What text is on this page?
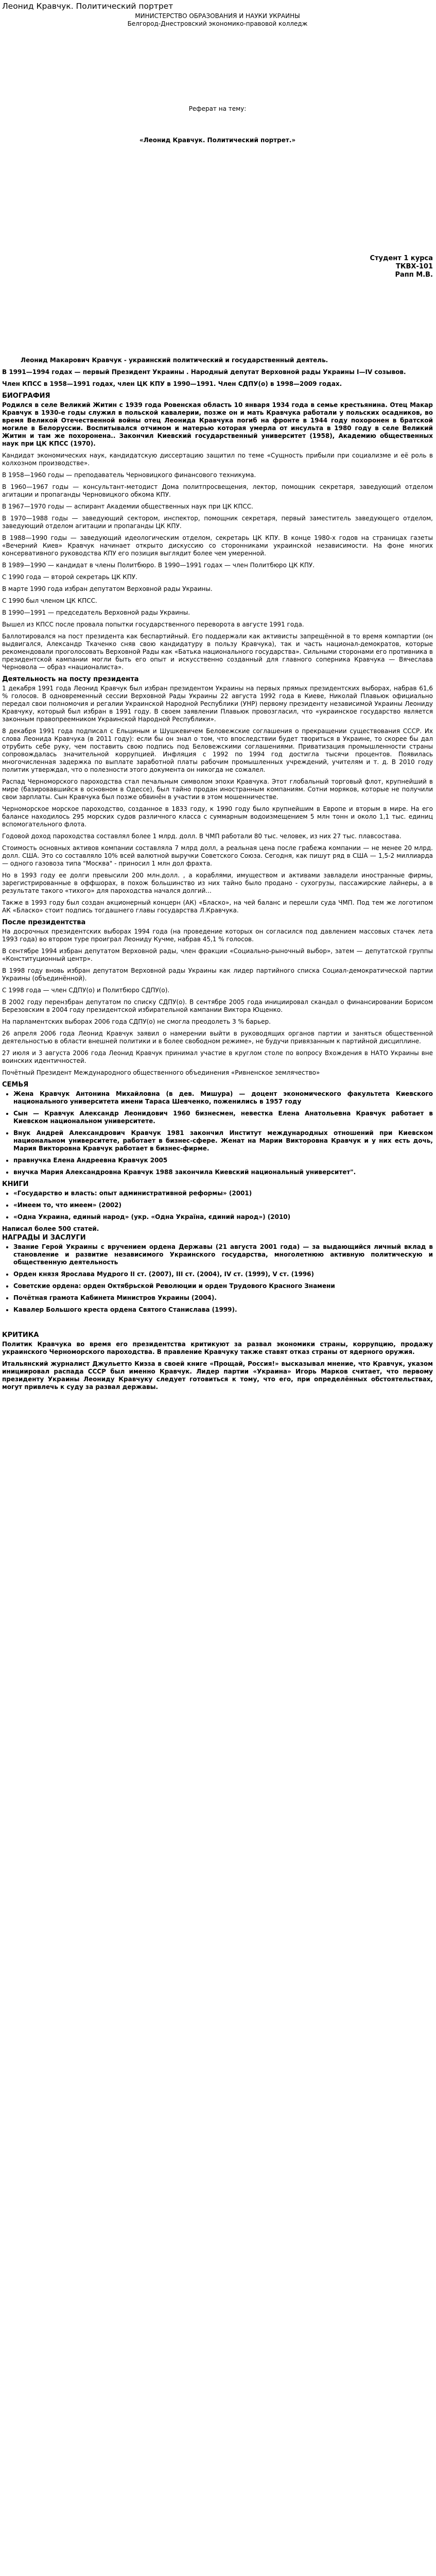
Леонид Кравчук. Политический портрет
МИНИСТЕРСТВО ОБРАЗОВАНИЯ И НАУКИ УКРАИНЫ
Белгород-Днестровский экономико-правовой колледж
Реферат на тему:
«Леонид Кравчук. Политический портрет.»
Студент 1 курса
ТКВХ-101
Рапп М.В.
Леонид Макарович Кравчук - украинский политический и государственный деятель.
В 1991—1994 годах — первый Президент Украины . Народный депутат Верховной рады Украины I—IV созывов.
Член КПСС в 1958—1991 годах, член ЦК КПУ в 1990—1991. Член СДПУ(о) в 1998—2009 годах.
БИОГРАФИЯ
Родился в селе Великий Житин с 1939 года Ровенская область 10 января 1934 года в семье крестьянина. Отец Макар Кравчук в 1930-е годы служил в польской кавалерии, позже он и мать Кравчука работали у польских осадников, во время Великой Отечественной войны отец Леонида Кравчука погиб на фронте в 1944 году похоронен в братской могиле в Белоруссии. Воспитывался отчимом и матерью которая умерла от инсульта в 1980 году в селе Великий Житин и там же похоронена.. Закончил Киевский государственный университет (1958), Академию общественных наук при ЦК КПСС (1970).
Кандидат экономических наук, кандидатскую диссертацию защитил по теме «Сущность прибыли при социализме и её роль в колхозном производстве».
В 1958—1960 годы — преподаватель Черновицкого финансового техникума.
В 1960—1967 годы — консультант-методист Дома политпросвещения, лектор, помощник секретаря, заведующий отделом агитации и пропаганды Черновицкого обкома КПУ.
В 1967—1970 годы — аспирант Академии общественных наук при ЦК КПСС.
В 1970—1988 годы — заведующий сектором, инспектор, помощник секретаря, первый заместитель заведующего отделом, заведующий отделом агитации и пропаганды ЦК КПУ.
В 1988—1990 годы — заведующий идеологическим отделом, секретарь ЦК КПУ. В конце 1980-х годов на страницах газеты «Вечерний Киев» Кравчук начинает открыто дискуссию со сторонниками украинской независимости. На фоне многих консервативного руководства КПУ его позиция выглядит более чем умеренной.
В 1989—1990 — кандидат в члены Политбюро. В 1990—1991 годах — член Политбюро ЦК КПУ.
С 1990 года — второй секретарь ЦК КПУ.
В марте 1990 года избран депутатом Верховной рады Украины.
С 1990 был членом ЦК КПСС.
В 1990—1991 — председатель Верховной рады Украины.
Вышел из КПСС после провала попытки государственного переворота в августе 1991 года.
Баллотировался на пост президента как беспартийный. Его поддержали как активисты запрещённой в то время компартии (он выдвигался, Александр Ткаченко сняв свою кандидатуру в пользу Кравчука), так и часть национал-демократов, которые рекомендовали проголосовать Верховной Рады как «Батька национального государства». Сильными сторонами его противника в президентской кампании могли быть его опыт и искусственно созданный для главного соперника Кравчука — Вячеслава Черновола — образ «националиста».
Деятельность на посту президента
1 декабря 1991 года Леонид Кравчук был избран президентом Украины на первых прямых президентских выборах, набрав 61,6 % голосов. В одновременный сессии Верховной Рады Украины 22 августа 1992 года в Киеве, Николай Плавьюк официально передал свои полномочия и регалии Украинской Народной Республики (УНР) первому президенту независимой Украины Леониду Кравчуку, который был избран в 1991 году. В своем заявлении Плавьюк провозгласил, что «украинское государство является законным правопреемником Украинской Народной Республики».
8 декабря 1991 года подписал с Ельциным и Шушкевичем Беловежские соглашения о прекращении существования СССР. Их слова Леонида Кравчука (в 2011 году): если бы он знал о том, что впоследствии будет твориться в Украине, то скорее бы дал отрубить себе руку, чем поставить свою подпись под Беловежскими соглашениями. Приватизация промышленности страны сопровождалась значительной коррупцией. Инфляция с 1992 по 1994 год достигла тысячи процентов. Появилась многочисленная задержка по выплате заработной платы рабочим промышленных учреждений, учителям и т. д. В 2010 году политик утверждал, что о полезности этого документа он никогда не сожалел.
Распад Черноморского пароходства стал печальным символом эпохи Кравчука. Этот глобальный торговый флот, крупнейший в мире (базировавшийся в основном в Одессе), был тайно продан иностранным компаниям. Сотни моряков, которые не получили свои зарплаты. Сын Кравчука был позже обвинён в участии в этом мошенничестве.
Черноморское морское пароходство, созданное в 1833 году, к 1990 году было крупнейшим в Европе и вторым в мире. На его балансе находилось 295 морских судов различного класса с суммарным водоизмещением 5 млн тонн и около 1,1 тыс. единиц вспомогательного флота.
Годовой доход пароходства составлял более 1 млрд. долл. В ЧМП работали 80 тыс. человек, из них 27 тыс. плавсостава.
Стоимость основных активов компании составляла 7 млрд долл, а реальная цена после грабежа компании — не менее 20 млрд. долл. США. Это со составляло 10% всей валютной выручки Советского Союза. Сегодня, как пишут ряд в США — 1,5-2 миллиарда — одного газовоза типа "Москва" - приносил 1 млн дол фрахта.
Но в 1993 году ее долги превысили 200 млн.долл. , а кораблями, имуществом и активами завладели иностранные фирмы, зарегистрированные в оффшорах, в похож большинство из них тайно было продано - сухогрузы, пассажирские лайнеры, а в результате такого «тихого» для пароходства начался долгий...
Также в 1993 году был создан акционерный концерн (АК) «Бласко», на чей баланс и перешли суда ЧМП. Под тем же логотипом АК «Бласко» стоит подпись тогдашнего главы государства Л.Кравчука.
После президентства
На досрочных президентских выборах 1994 года (на проведение которых он согласился под давлением массовых стачек лета 1993 года) во втором туре проиграл Леониду Кучме, набрав 45,1 % голосов.
В сентябре 1994 избран депутатом Верховной рады, член фракции «Социально-рыночный выбор», затем — депутатской группы «Конституционный центр».
В 1998 году вновь избран депутатом Верховной рады Украины как лидер партийного списка Социал-демократической партии Украины (объединённой).
С 1998 года — член СДПУ(о) и Политбюро СДПУ(о).
В 2002 году перензбран депутатом по списку СДПУ(о). В сентябре 2005 года инициировал скандал о финансировании Борисом Березовским в 2004 году президентской избирательной кампании Виктора Ющенко.
На парламентских выборах 2006 года СДПУ(о) не смогла преодолеть 3 % барьер.
26 апреля 2006 года Леонид Кравчук заявил о намерении выйти в руководящих органов партии и заняться общественной деятельностью в области внешней политики и в более свободном режиме», не будучи привязанным к партийной дисциплине.
27 июля и 3 августа 2006 года Леонид Кравчук принимал участие в круглом столе по вопросу Вхождения в НАТО Украины вне воинских идентичностей.
Почётный Президент Международного общественного объединения «Ривненское землячество»
СЕМЬЯ
• Жена Кравчук Антонина Михайловна (в дев. Мишура) — доцент экономического факультета Киевского национального университета имени Тараса Шевченко, поженились в 1957 году
• Сын — Кравчук Александр Леонидович 1960 бизнесмен, невестка Елена Анатольевна Кравчук работает в Киевском национальном университете.
• Внук Андрей Александрович Кравчук 1981 закончил Институт международных отношений при Киевском национальном университете, работает в бизнес-сфере. Женат на Марии Викторовна Кравчук и у них есть дочь, Мария Викторовна Кравчук работает в бизнес-фирме.
• правнучка Елена Андреевна Кравчук 2005
• внучка Мария Александровна Кравчук 1988 закончила Киевский национальный университет".
КНИГИ
• «Государство и власть: опыт административной реформы» (2001)
• «Имеем то, что имеем» (2002)
• «Одна Украина, единый народ» (укр. «Одна Україна, єдиний народ») (2010)
Написал более 500 статей.
НАГРАДЫ И ЗАСЛУГИ
• Звание Герой Украины с вручением ордена Державы (21 августа 2001 года) — за выдающийся личный вклад в становление и развитие независимого Украинского государства, многолетнюю активную политическую и общественную деятельность
• Орден князя Ярослава Мудрого II ст. (2007), III ст. (2004), IV ст. (1999), V ст. (1996)
• Советские ордена: орден Октябрьской Революции и орден Трудового Красного Знамени
• Почётная грамота Кабинета Министров Украины (2004).
• Кавалер Большого креста ордена Святого Станислава (1999).
КРИТИКА
Политик Кравчука во время его президентства критикуют за развал экономики страны, коррупцию, продажу украинского Черноморского пароходства. В правление Кравчуку также ставят отказ страны от ядерного оружия.
Итальянский журналист Джульетто Киэза в своей книге «Прощай, Россия!» высказывал мнение, что Кравчук, указом инициировал распада СССР был именно Кравчук. Лидер партии «Украина» Игорь Марков считает, что первому президенту Украины Леониду Кравчуку следует готовиться к тому, что его, при определённых обстоятельствах, могут привлечь к суду за развал державы.
